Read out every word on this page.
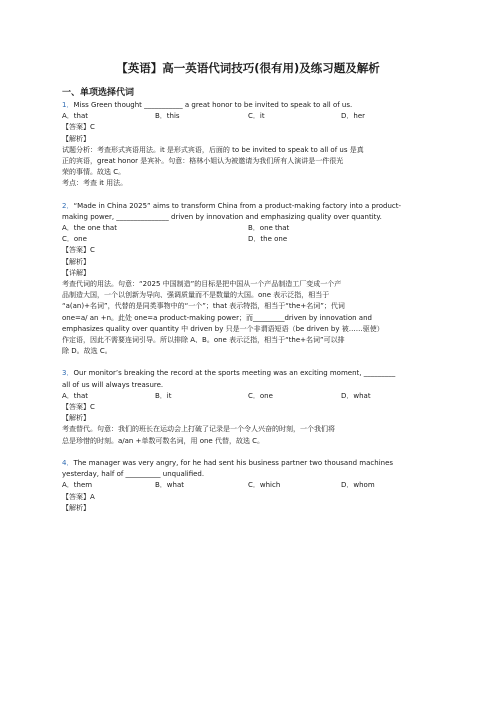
【英语】高一英语代词技巧(很有用)及练习题及解析
一、单项选择代词

1．Miss Green thought ___________ a great honor to be invited to speak to all of us.

A．that	B．this	C．it	D．her

【答案】C

【解析】

试题分析：考查形式宾语用法。it 是形式宾语，后面的 to be invited to speak to all of us 是真

正的宾语，great honor 是宾补。句意：格林小姐认为被邀请为我们所有人演讲是一件很光

荣的事情。故选 C。

考点：考查 it 用法。

2．“Made in China 2025” aims to transform China from a product-making factory into a product-

making power, _______________ driven by innovation and emphasizing quality over quantity.

A．the one that	B．one that
C．one	D．the one

【答案】C

【解析】

【详解】

考查代词的用法。句意：“2025 中国制造”的目标是把中国从一个产品制造工厂变成一个产

品制造大国，一个以创新为导向、强调质量而不是数量的大国。one 表示泛指，相当于

“a(an)+名词”，代替的是同类事物中的“一个”；that 表示特指，相当于“the+名词”；代词

one=a/ an +n。此处 one=a product-making power；而_________driven by innovation and

emphasizes quality over quantity 中 driven by 只是一个非谓语短语（be driven by 被……驱使）

作定语，因此不需要连词引导。所以排除 A、B。one 表示泛指，相当于“the+名词”可以排

除 D。故选 C。

3．Our monitor’s breaking the record at the sports meeting was an exciting moment, _________

all of us will always treasure.

A．that	B．it	C．one	D．what

【答案】C

【解析】

考查替代。句意：我们的班长在运动会上打破了记录是一个令人兴奋的时刻，一个我们将

总是珍惜的时刻。a/an +单数可数名词，用 one 代替，故选 C。

4．The manager was very angry, for he had sent his business partner two thousand machines

yesterday, half of __________ unqualified.

A．them	B．what	C．which	D．whom

【答案】A

【解析】
